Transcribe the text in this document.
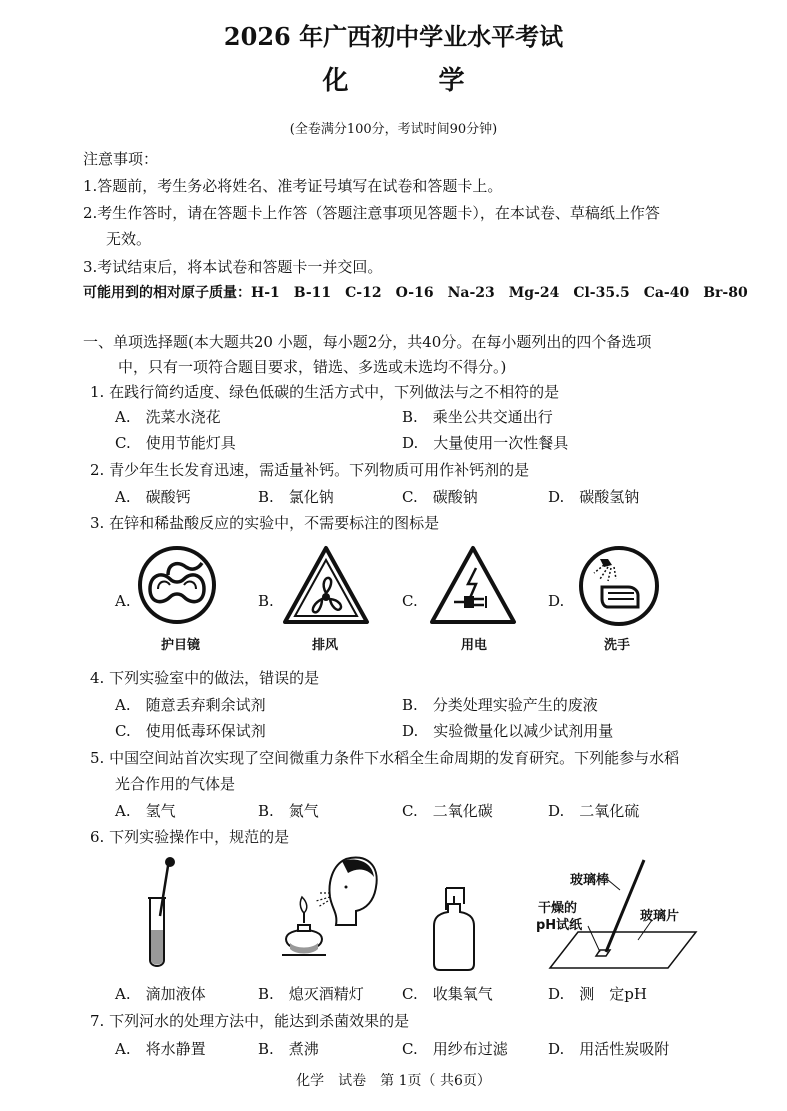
2026 年广西初中学业水平考试
化　学
(全卷满分100分，考试时间90分钟)
注意事项：
1.答题前，考生务必将姓名、准考证号填写在试卷和答题卡上。
2.考生作答时，请在答题卡上作答（答题注意事项见答题卡），在本试卷、草稿纸上作答
无效。
3.考试结束后，将本试卷和答题卡一并交回。
可能用到的相对原子质量：H-1　B-11　C-12　O-16　Na-23　Mg-24　Cl-35.5　Ca-40　Br-80
一、单项选择题(本大题共20 小题，每小题2分，共40分。在每小题列出的四个备选项
中，只有一项符合题目要求，错选、多选或未选均不得分。)
1. 在践行简约适度、绿色低碳的生活方式中，下列做法与之不相符的是
A.　洗菜水浇花	B.　乘坐公共交通出行
C.　使用节能灯具	D.　大量使用一次性餐具
2. 青少年生长发育迅速，需适量补钙。下列物质可用作补钙剂的是
A.　碳酸钙	B.　氯化钠	C.　碳酸钠	D.　碳酸氢钠
3. 在锌和稀盐酸反应的实验中，不需要标注的图标是
A.	B.	C.	D.
护目镜	排风	用电	洗手
4. 下列实验室中的做法，错误的是
A.　随意丢弃剩余试剂	B.　分类处理实验产生的废液
C.　使用低毒环保试剂	D.　实验微量化以减少试剂用量
5. 中国空间站首次实现了空间微重力条件下水稻全生命周期的发育研究。下列能参与水稻
光合作用的气体是
A.　氢气	B.　氮气	C.　二氧化碳	D.　二氧化硫
6. 下列实验操作中，规范的是
玻璃棒
干燥的
pH试纸
玻璃片
A.　滴加液体	B.　熄灭酒精灯	C.　收集氧气	D.　测　定pH
7. 下列河水的处理方法中，能达到杀菌效果的是
A.　将水静置	B.　煮沸	C.　用纱布过滤	D.　用活性炭吸附
化学　试卷　第 1页（ 共6页）
